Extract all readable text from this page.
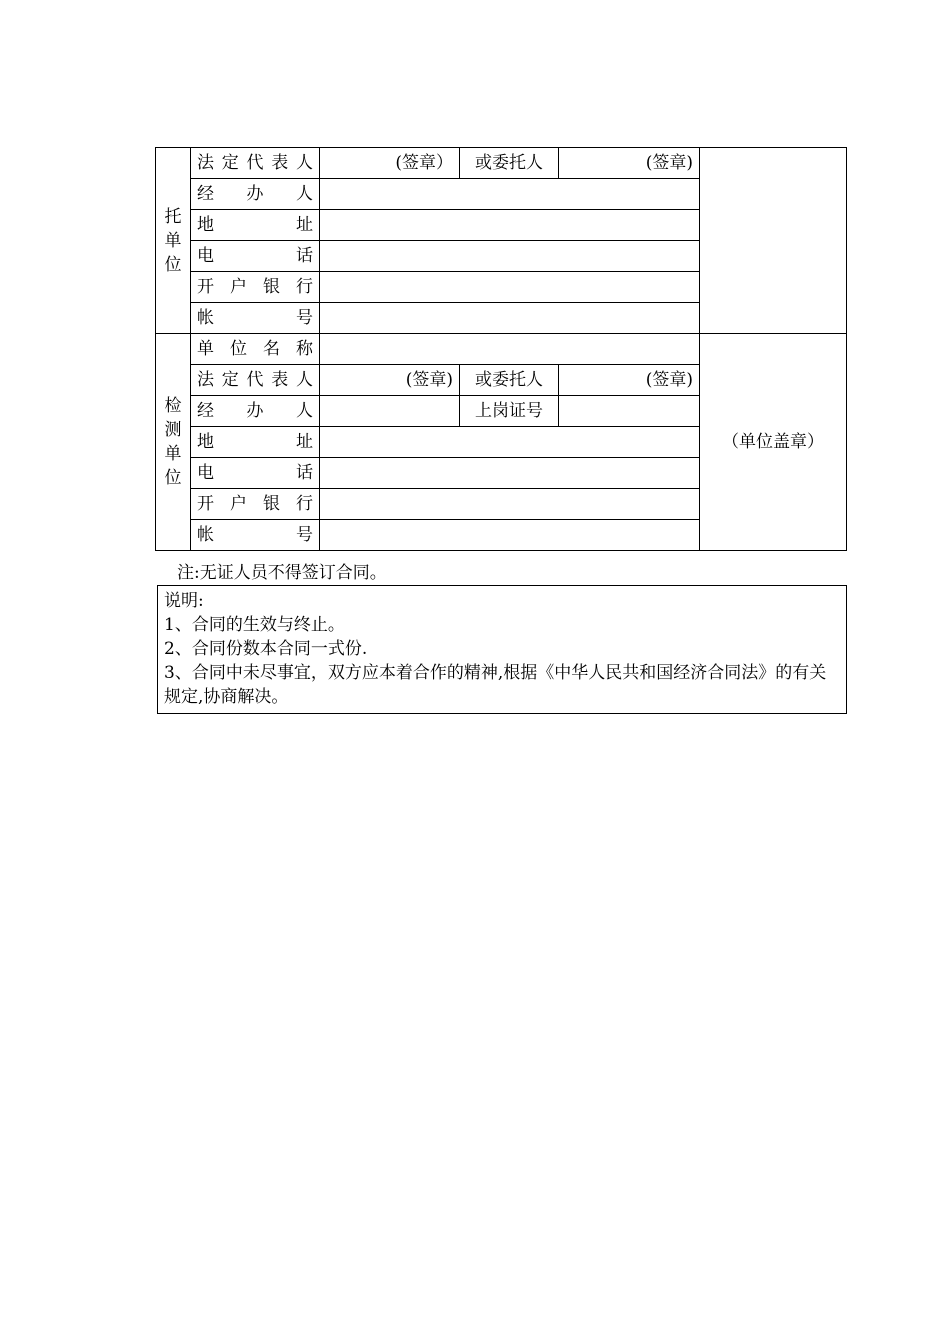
托单位	法定代表人	(签章）	或委托人	(签章)	
	经办人				
	地址				
	电话				
	开户银行				
	帐号				
检测单位	单位名称				（单位盖章）
	法定代表人	(签章)	或委托人	(签章)	
	经办人		上岗证号		
	地址				
	电话				
	开户银行				
	帐号				
注:无证人员不得签订合同。

说明:

1、合同的生效与终止。

2、合同份数本合同一式份.

3、合同中未尽事宜，双方应本着合作的精神,根据《中华人民共和国经济合同法》的有关规定,协商解决。
